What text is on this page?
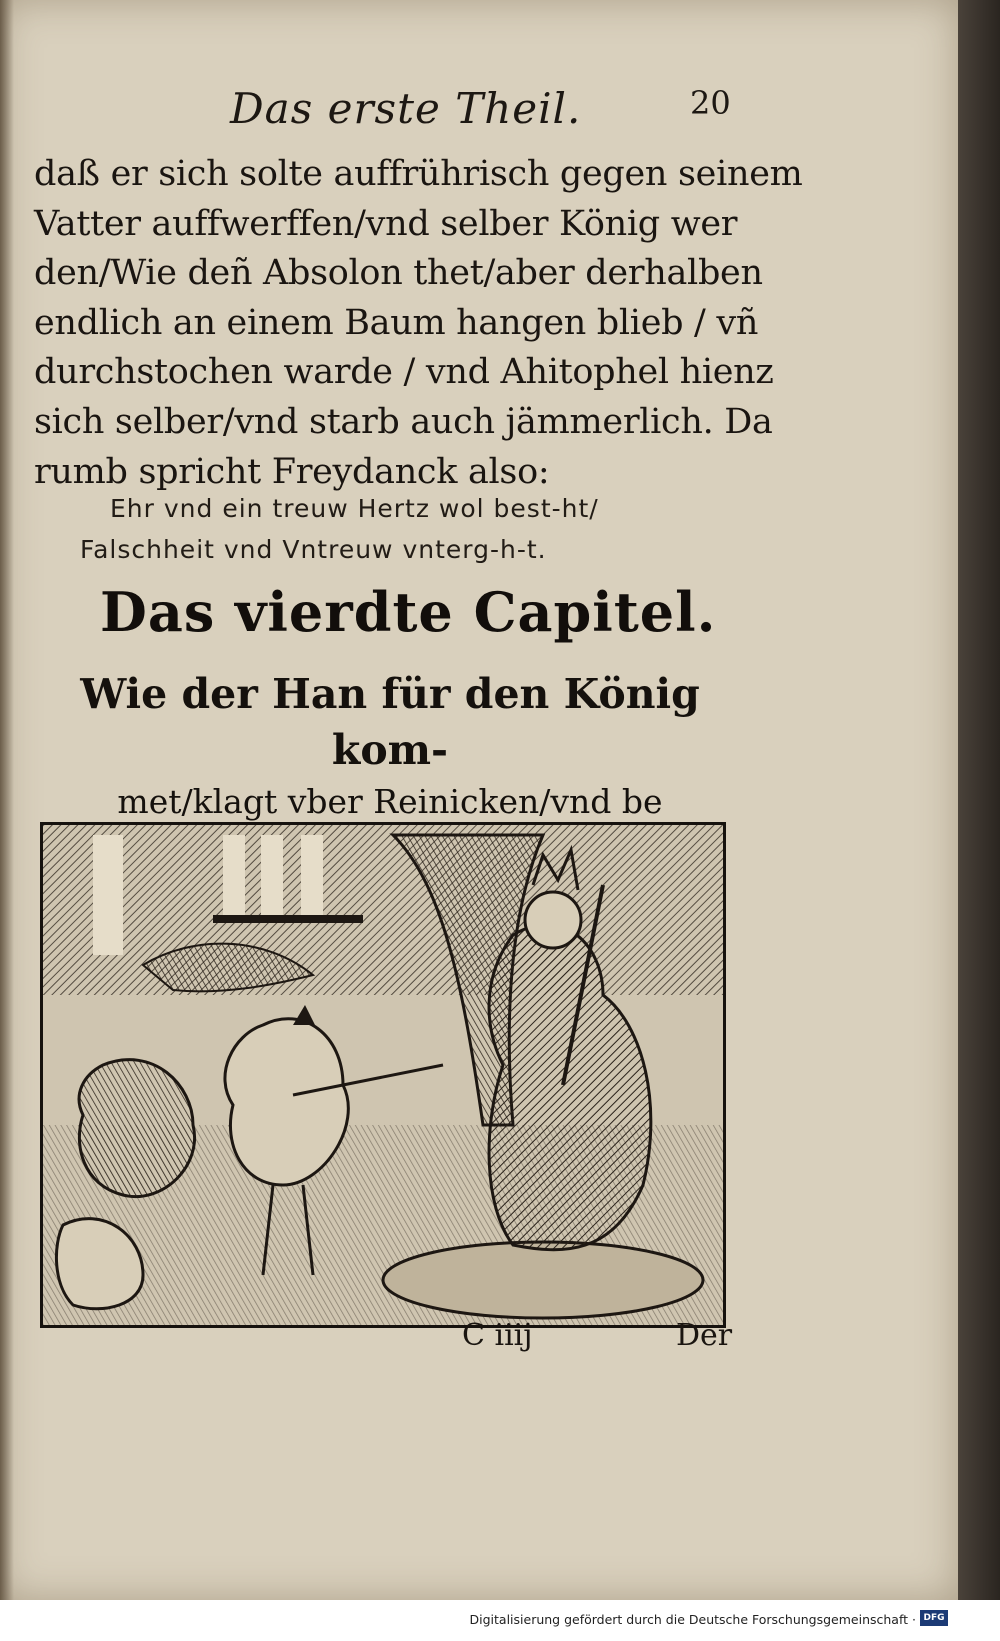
Das erste Theil.	20
daß er sich solte auffrührisch gegen seinem
Vatter auffwerffen/vnd selber König wer
den/Wie deñ Absolon thet/aber derhalben
endlich an einem Baum hangen blieb / vñ
durchstochen warde / vnd Ahitophel hienz
sich selber/vnd starb auch jämmerlich. Da
rumb spricht Freydanck also:
Ehr vnd ein treuw Hertz wol best-ht/
Falschheit vnd Vntreuw vnterg-h-t.
Das vierdte Capitel.
Wie der Han für den König kom-
met/klagt vber Reinicken/vnd be
C iiij	Der
Digitalisierung gefördert durch die Deutsche Forschungsgemeinschaft · DFG
